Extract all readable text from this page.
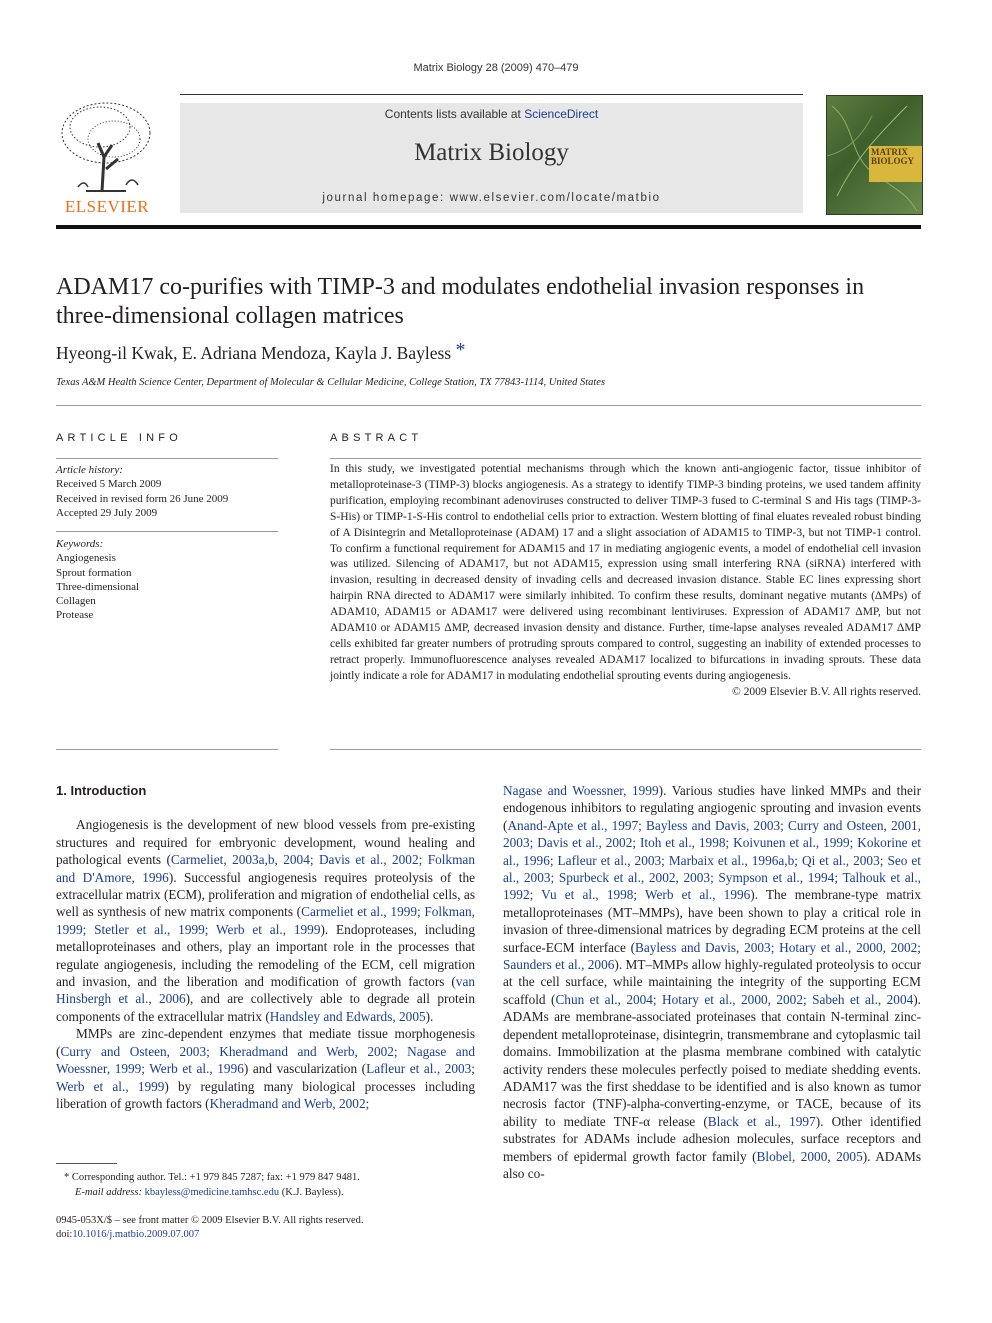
Matrix Biology 28 (2009) 470–479
ELSEVIER
Contents lists available at ScienceDirect
Matrix Biology
journal homepage: www.elsevier.com/locate/matbio
MATRIX BIOLOGY
ADAM17 co-purifies with TIMP-3 and modulates endothelial invasion responses in three-dimensional collagen matrices
Hyeong-il Kwak, E. Adriana Mendoza, Kayla J. Bayless *
Texas A&M Health Science Center, Department of Molecular & Cellular Medicine, College Station, TX 77843-1114, United States
ARTICLE INFO
Article history:
Received 5 March 2009
Received in revised form 26 June 2009
Accepted 29 July 2009
Keywords:
Angiogenesis
Sprout formation
Three-dimensional
Collagen
Protease
ABSTRACT
In this study, we investigated potential mechanisms through which the known anti-angiogenic factor, tissue inhibitor of metalloproteinase-3 (TIMP-3) blocks angiogenesis. As a strategy to identify TIMP-3 binding proteins, we used tandem affinity purification, employing recombinant adenoviruses constructed to deliver TIMP-3 fused to C-terminal S and His tags (TIMP-3-S-His) or TIMP-1-S-His control to endothelial cells prior to extraction. Western blotting of final eluates revealed robust binding of A Disintegrin and Metalloproteinase (ADAM) 17 and a slight association of ADAM15 to TIMP-3, but not TIMP-1 control. To confirm a functional requirement for ADAM15 and 17 in mediating angiogenic events, a model of endothelial cell invasion was utilized. Silencing of ADAM17, but not ADAM15, expression using small interfering RNA (siRNA) interfered with invasion, resulting in decreased density of invading cells and decreased invasion distance. Stable EC lines expressing short hairpin RNA directed to ADAM17 were similarly inhibited. To confirm these results, dominant negative mutants (ΔMPs) of ADAM10, ADAM15 or ADAM17 were delivered using recombinant lentiviruses. Expression of ADAM17 ΔMP, but not ADAM10 or ADAM15 ΔMP, decreased invasion density and distance. Further, time-lapse analyses revealed ADAM17 ΔMP cells exhibited far greater numbers of protruding sprouts compared to control, suggesting an inability of extended processes to retract properly. Immunofluorescence analyses revealed ADAM17 localized to bifurcations in invading sprouts. These data jointly indicate a role for ADAM17 in modulating endothelial sprouting events during angiogenesis.
© 2009 Elsevier B.V. All rights reserved.

1. Introduction

Angiogenesis is the development of new blood vessels from pre-existing structures and required for embryonic development, wound healing and pathological events (Carmeliet, 2003a,b, 2004; Davis et al., 2002; Folkman and D'Amore, 1996). Successful angiogenesis requires proteolysis of the extracellular matrix (ECM), proliferation and migration of endothelial cells, as well as synthesis of new matrix components (Carmeliet et al., 1999; Folkman, 1999; Stetler et al., 1999; Werb et al., 1999). Endoproteases, including metalloproteinases and others, play an important role in the processes that regulate angiogenesis, including the remodeling of the ECM, cell migration and invasion, and the liberation and modification of growth factors (van Hinsbergh et al., 2006), and are collectively able to degrade all protein components of the extracellular matrix (Handsley and Edwards, 2005).

MMPs are zinc-dependent enzymes that mediate tissue morphogenesis (Curry and Osteen, 2003; Kheradmand and Werb, 2002; Nagase and Woessner, 1999; Werb et al., 1996) and vascularization (Lafleur et al., 2003; Werb et al., 1999) by regulating many biological processes including liberation of growth factors (Kheradmand and Werb, 2002;

Nagase and Woessner, 1999). Various studies have linked MMPs and their endogenous inhibitors to regulating angiogenic sprouting and invasion events (Anand-Apte et al., 1997; Bayless and Davis, 2003; Curry and Osteen, 2001, 2003; Davis et al., 2002; Itoh et al., 1998; Koivunen et al., 1999; Kokorine et al., 1996; Lafleur et al., 2003; Marbaix et al., 1996a,b; Qi et al., 2003; Seo et al., 2003; Spurbeck et al., 2002, 2003; Sympson et al., 1994; Talhouk et al., 1992; Vu et al., 1998; Werb et al., 1996). The membrane-type matrix metalloproteinases (MT–MMPs), have been shown to play a critical role in invasion of three-dimensional matrices by degrading ECM proteins at the cell surface-ECM interface (Bayless and Davis, 2003; Hotary et al., 2000, 2002; Saunders et al., 2006). MT–MMPs allow highly-regulated proteolysis to occur at the cell surface, while maintaining the integrity of the supporting ECM scaffold (Chun et al., 2004; Hotary et al., 2000, 2002; Sabeh et al., 2004). ADAMs are membrane-associated proteinases that contain N-terminal zinc-dependent metalloproteinase, disintegrin, transmembrane and cytoplasmic tail domains. Immobilization at the plasma membrane combined with catalytic activity renders these molecules perfectly poised to mediate shedding events. ADAM17 was the first sheddase to be identified and is also known as tumor necrosis factor (TNF)-alpha-converting-enzyme, or TACE, because of its ability to mediate TNF-α release (Black et al., 1997). Other identified substrates for ADAMs include adhesion molecules, surface receptors and members of epidermal growth factor family (Blobel, 2000, 2005). ADAMs also co-

* Corresponding author. Tel.: +1 979 845 7287; fax: +1 979 847 9481.
E-mail address: kbayless@medicine.tamhsc.edu (K.J. Bayless).
0945-053X/$ – see front matter © 2009 Elsevier B.V. All rights reserved.
doi:10.1016/j.matbio.2009.07.007
